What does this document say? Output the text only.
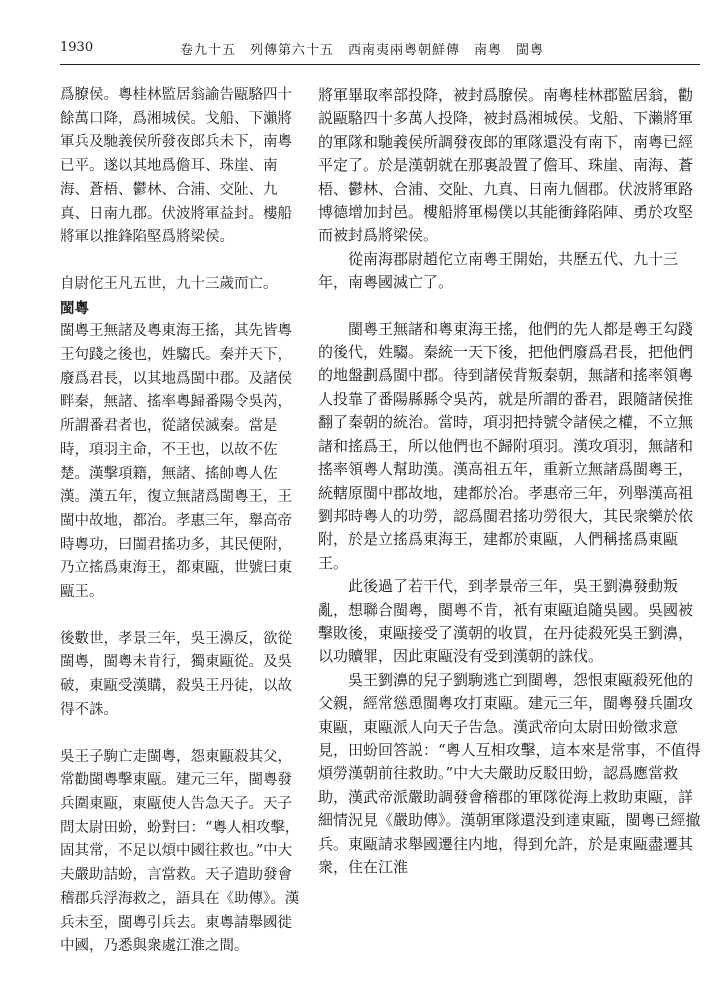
1930	卷九十五　列傳第六十五　西南夷兩粵朝鮮傳　南粵　閩粵

爲膫侯。粵桂林監居翁諭告甌駱四十餘萬口降，爲湘城侯。戈船、下瀨將軍兵及馳義侯所發夜郎兵未下，南粵已平。遂以其地爲儋耳、珠崖、南海、蒼梧、鬱林、合浦、交阯、九真、日南九郡。伏波將軍益封。樓船將軍以推鋒陷堅爲將梁侯。

自尉佗王凡五世，九十三歲而亡。

閩粵

閩粵王無諸及粵東海王搖，其先皆粵王句踐之後也，姓騶氏。秦并天下，廢爲君長，以其地爲閩中郡。及諸侯畔秦，無諸、搖率粵歸番陽令吳芮，所謂番君者也，從諸侯滅秦。當是時，項羽主命，不王也，以故不佐楚。漢擊項籍，無諸、搖帥粵人佐漢。漢五年，復立無諸爲閩粵王，王閩中故地，都冶。孝惠三年，舉高帝時粵功，曰閩君搖功多，其民便附，乃立搖爲東海王，都東甌，世號曰東甌王。

後數世，孝景三年，吳王濞反，欲從閩粵，閩粵未肯行，獨東甌從。及吳破，東甌受漢購，殺吳王丹徒，以故得不誅。

吳王子駒亡走閩粵，怨東甌殺其父，常勸閩粵擊東甌。建元三年，閩粵發兵圍東甌，東甌使人告急天子。天子問太尉田蚡，蚡對曰：“粵人相攻擊，固其常，不足以煩中國往救也。”中大夫嚴助詰蚡，言當救。天子遣助發會稽郡兵浮海救之，語具在《助傳》。漢兵未至，閩粵引兵去。東粵請舉國徙中國，乃悉與衆處江淮之間。

將軍畢取率部投降，被封爲膫侯。南粵桂林郡監居翁，勸説甌駱四十多萬人投降，被封爲湘城侯。戈船、下瀨將軍的軍隊和馳義侯所調發夜郎的軍隊還没有南下，南粵已經平定了。於是漢朝就在那裏設置了儋耳、珠崖、南海、蒼梧、鬱林、合浦、交阯、九真、日南九個郡。伏波將軍路博德增加封邑。樓船將軍楊僕以其能衝鋒陷陣、勇於攻堅而被封爲將梁侯。

從南海郡尉趙佗立南粵王開始，共歷五代、九十三年，南粵國滅亡了。

閩粵王無諸和粵東海王搖，他們的先人都是粵王勾踐的後代，姓騶。秦統一天下後，把他們廢爲君長，把他們的地盤劃爲閩中郡。待到諸侯背叛秦朝，無諸和搖率領粵人投靠了番陽縣縣令吳芮，就是所謂的番君，跟隨諸侯推翻了秦朝的統治。當時，項羽把持號令諸侯之權，不立無諸和搖爲王，所以他們也不歸附項羽。漢攻項羽，無諸和搖率領粵人幫助漢。漢高祖五年，重新立無諸爲閩粵王，統轄原閩中郡故地，建都於冶。孝惠帝三年，列舉漢高祖劉邦時粵人的功勞，認爲閩君搖功勞很大，其民衆樂於依附，於是立搖爲東海王，建都於東甌，人們稱搖爲東甌王。

此後過了若干代，到孝景帝三年，吳王劉濞發動叛亂，想聯合閩粵，閩粵不肯，衹有東甌追隨吳國。吳國被擊敗後，東甌接受了漢朝的收買，在丹徒殺死吳王劉濞，以功贖罪，因此東甌没有受到漢朝的誅伐。

吳王劉濞的兒子劉駒逃亡到閩粵，怨恨東甌殺死他的父親，經常慫恿閩粵攻打東甌。建元三年，閩粵發兵圍攻東甌，東甌派人向天子告急。漢武帝向太尉田蚡徵求意見，田蚡回答説：“粵人互相攻擊，這本來是常事，不值得煩勞漢朝前往救助。”中大夫嚴助反駁田蚡，認爲應當救助，漢武帝派嚴助調發會稽郡的軍隊從海上救助東甌，詳細情況見《嚴助傳》。漢朝軍隊還没到達東甌，閩粵已經撤兵。東甌請求舉國遷往内地，得到允許，於是東甌盡遷其衆，住在江淮
